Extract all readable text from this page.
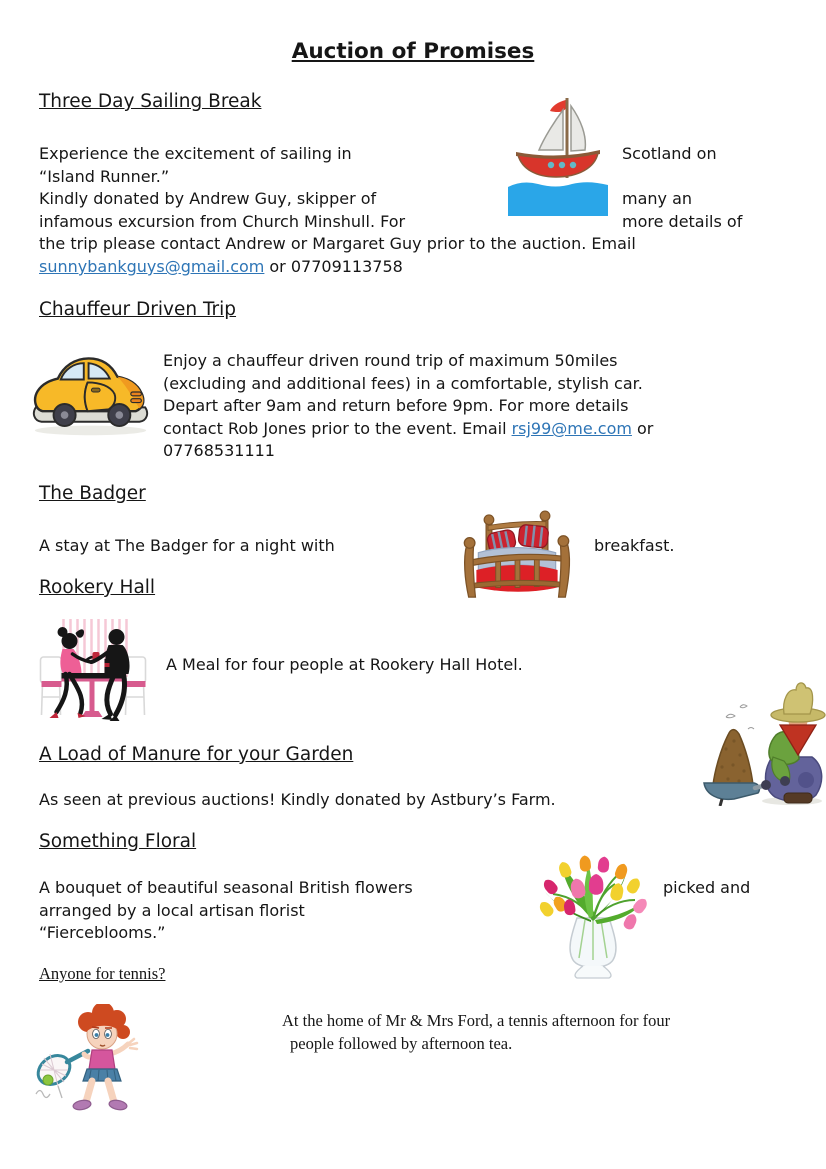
Auction of Promises
Three Day Sailing Break
Experience the excitement of sailing in	Scotland on
“Island Runner.”
Kindly donated by Andrew Guy, skipper of	many an
infamous excursion from Church Minshull. For	more details of
the trip please contact Andrew or Margaret Guy prior to the auction. Email
sunnybankguys@gmail.com or 07709113758
Chauffeur Driven Trip
Enjoy a chauffeur driven round trip of maximum 50miles
(excluding and additional fees) in a comfortable, stylish car.
Depart after 9am and return before 9pm. For more details
contact Rob Jones prior to the event. Email rsj99@me.com or
07768531111
The Badger
A stay at The Badger for a night with	breakfast.
Rookery Hall
A Meal for four people at Rookery Hall Hotel.
A Load of Manure for your Garden
As seen at previous auctions! Kindly donated by Astbury’s Farm.
Something Floral
A bouquet of beautiful seasonal British flowers	picked and
arranged by a local artisan florist
“Fierceblooms.”
Anyone for tennis?
At the home of Mr & Mrs Ford, a tennis afternoon for four
people followed by afternoon tea.
